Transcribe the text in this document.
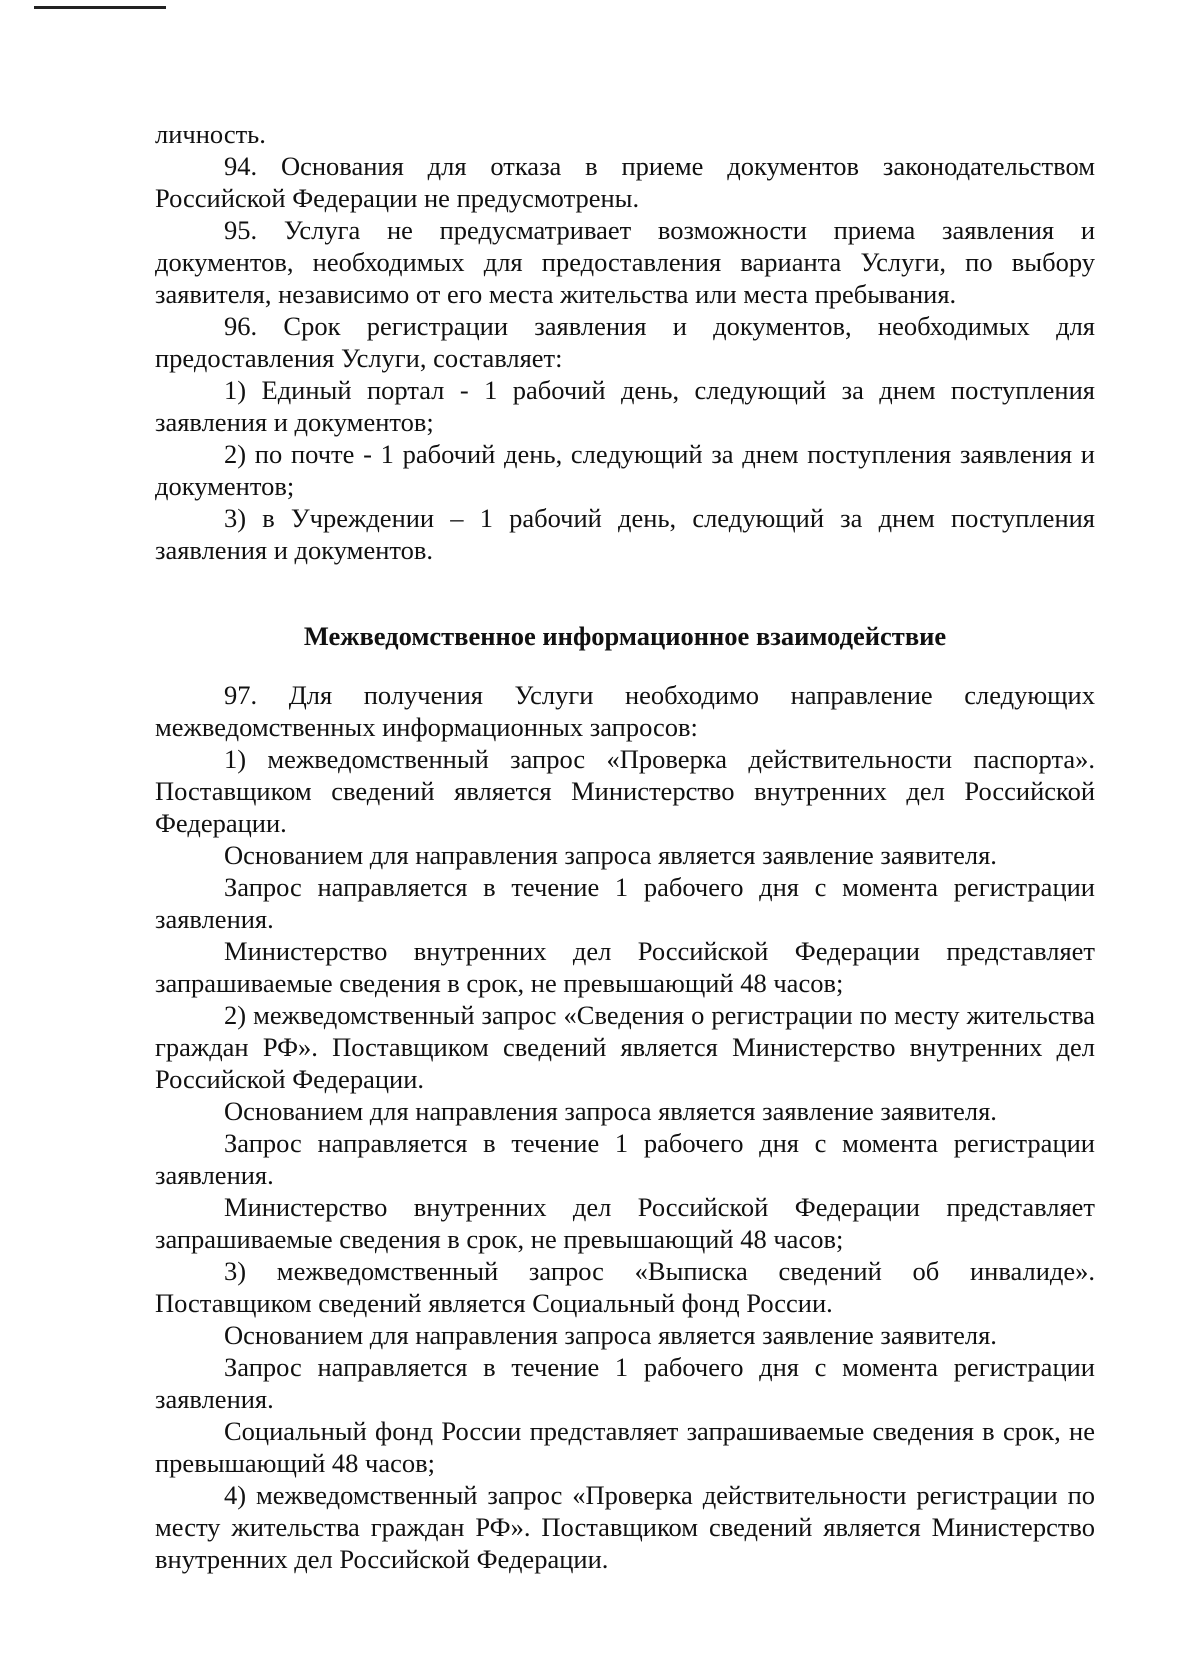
личность.

94. Основания для отказа в приеме документов законодательством Российской Федерации не предусмотрены.

95. Услуга не предусматривает возможности приема заявления и документов, необходимых для предоставления варианта Услуги, по выбору заявителя, независимо от его места жительства или места пребывания.

96. Срок регистрации заявления и документов, необходимых для предоставления Услуги, составляет:

1) Единый портал - 1 рабочий день, следующий за днем поступления заявления и документов;

2) по почте - 1 рабочий день, следующий за днем поступления заявления и документов;

3) в Учреждении – 1 рабочий день, следующий за днем поступления заявления и документов.

Межведомственное информационное взаимодействие

97. Для получения Услуги необходимо направление следующих межведомственных информационных запросов:

1) межведомственный запрос «Проверка действительности паспорта». Поставщиком сведений является Министерство внутренних дел Российской Федерации.

Основанием для направления запроса является заявление заявителя.

Запрос направляется в течение 1 рабочего дня с момента регистрации заявления.

Министерство внутренних дел Российской Федерации представляет запрашиваемые сведения в срок, не превышающий 48 часов;

2) межведомственный запрос «Сведения о регистрации по месту жительства граждан РФ». Поставщиком сведений является Министерство внутренних дел Российской Федерации.

Основанием для направления запроса является заявление заявителя.

Запрос направляется в течение 1 рабочего дня с момента регистрации заявления.

Министерство внутренних дел Российской Федерации представляет запрашиваемые сведения в срок, не превышающий 48 часов;

3) межведомственный запрос «Выписка сведений об инвалиде». Поставщиком сведений является Социальный фонд России.

Основанием для направления запроса является заявление заявителя.

Запрос направляется в течение 1 рабочего дня с момента регистрации заявления.

Социальный фонд России представляет запрашиваемые сведения в срок, не превышающий 48 часов;

4) межведомственный запрос «Проверка действительности регистрации по месту жительства граждан РФ». Поставщиком сведений является Министерство внутренних дел Российской Федерации.
